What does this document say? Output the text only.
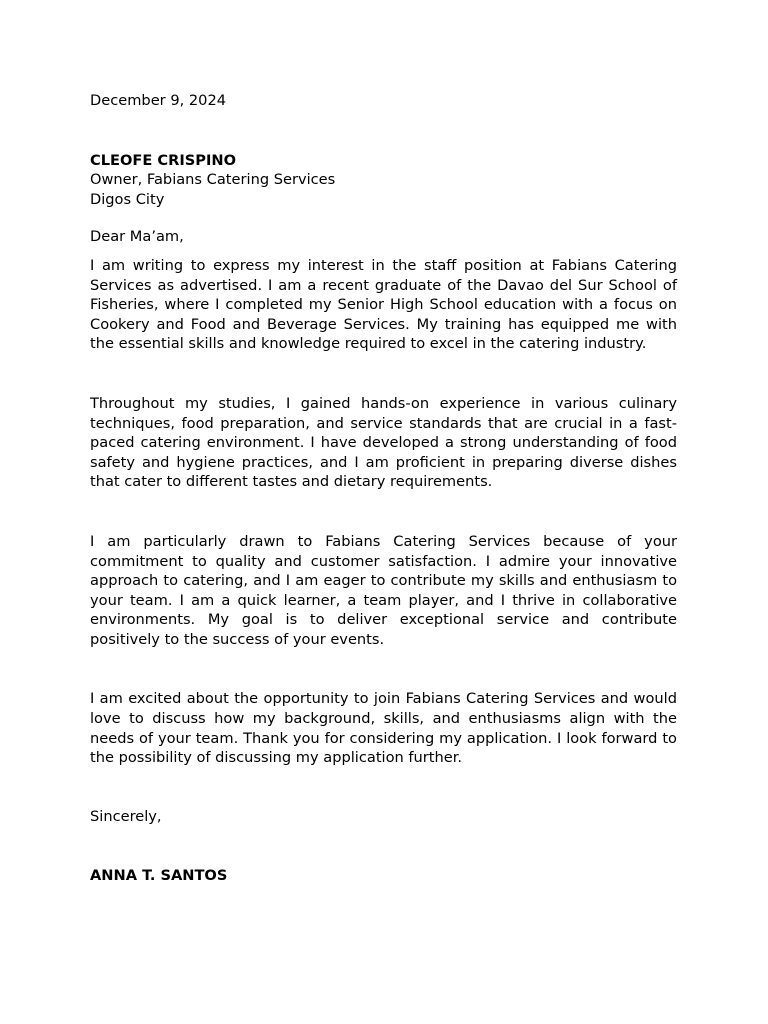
December 9, 2024

CLEOFE CRISPINO

Owner, Fabians Catering Services

Digos City

Dear Ma’am,

I am writing to express my interest in the staff position at Fabians Catering Services as advertised. I am a recent graduate of the Davao del Sur School of Fisheries, where I completed my Senior High School education with a focus on Cookery and Food and Beverage Services. My training has equipped me with the essential skills and knowledge required to excel in the catering industry.

Throughout my studies, I gained hands-on experience in various culinary techniques, food preparation, and service standards that are crucial in a fast-paced catering environment. I have developed a strong understanding of food safety and hygiene practices, and I am proficient in preparing diverse dishes that cater to different tastes and dietary requirements.

I am particularly drawn to Fabians Catering Services because of your commitment to quality and customer satisfaction. I admire your innovative approach to catering, and I am eager to contribute my skills and enthusiasm to your team. I am a quick learner, a team player, and I thrive in collaborative environments. My goal is to deliver exceptional service and contribute positively to the success of your events.

I am excited about the opportunity to join Fabians Catering Services and would love to discuss how my background, skills, and enthusiasms align with the needs of your team. Thank you for considering my application. I look forward to the possibility of discussing my application further.

Sincerely,

ANNA T. SANTOS
